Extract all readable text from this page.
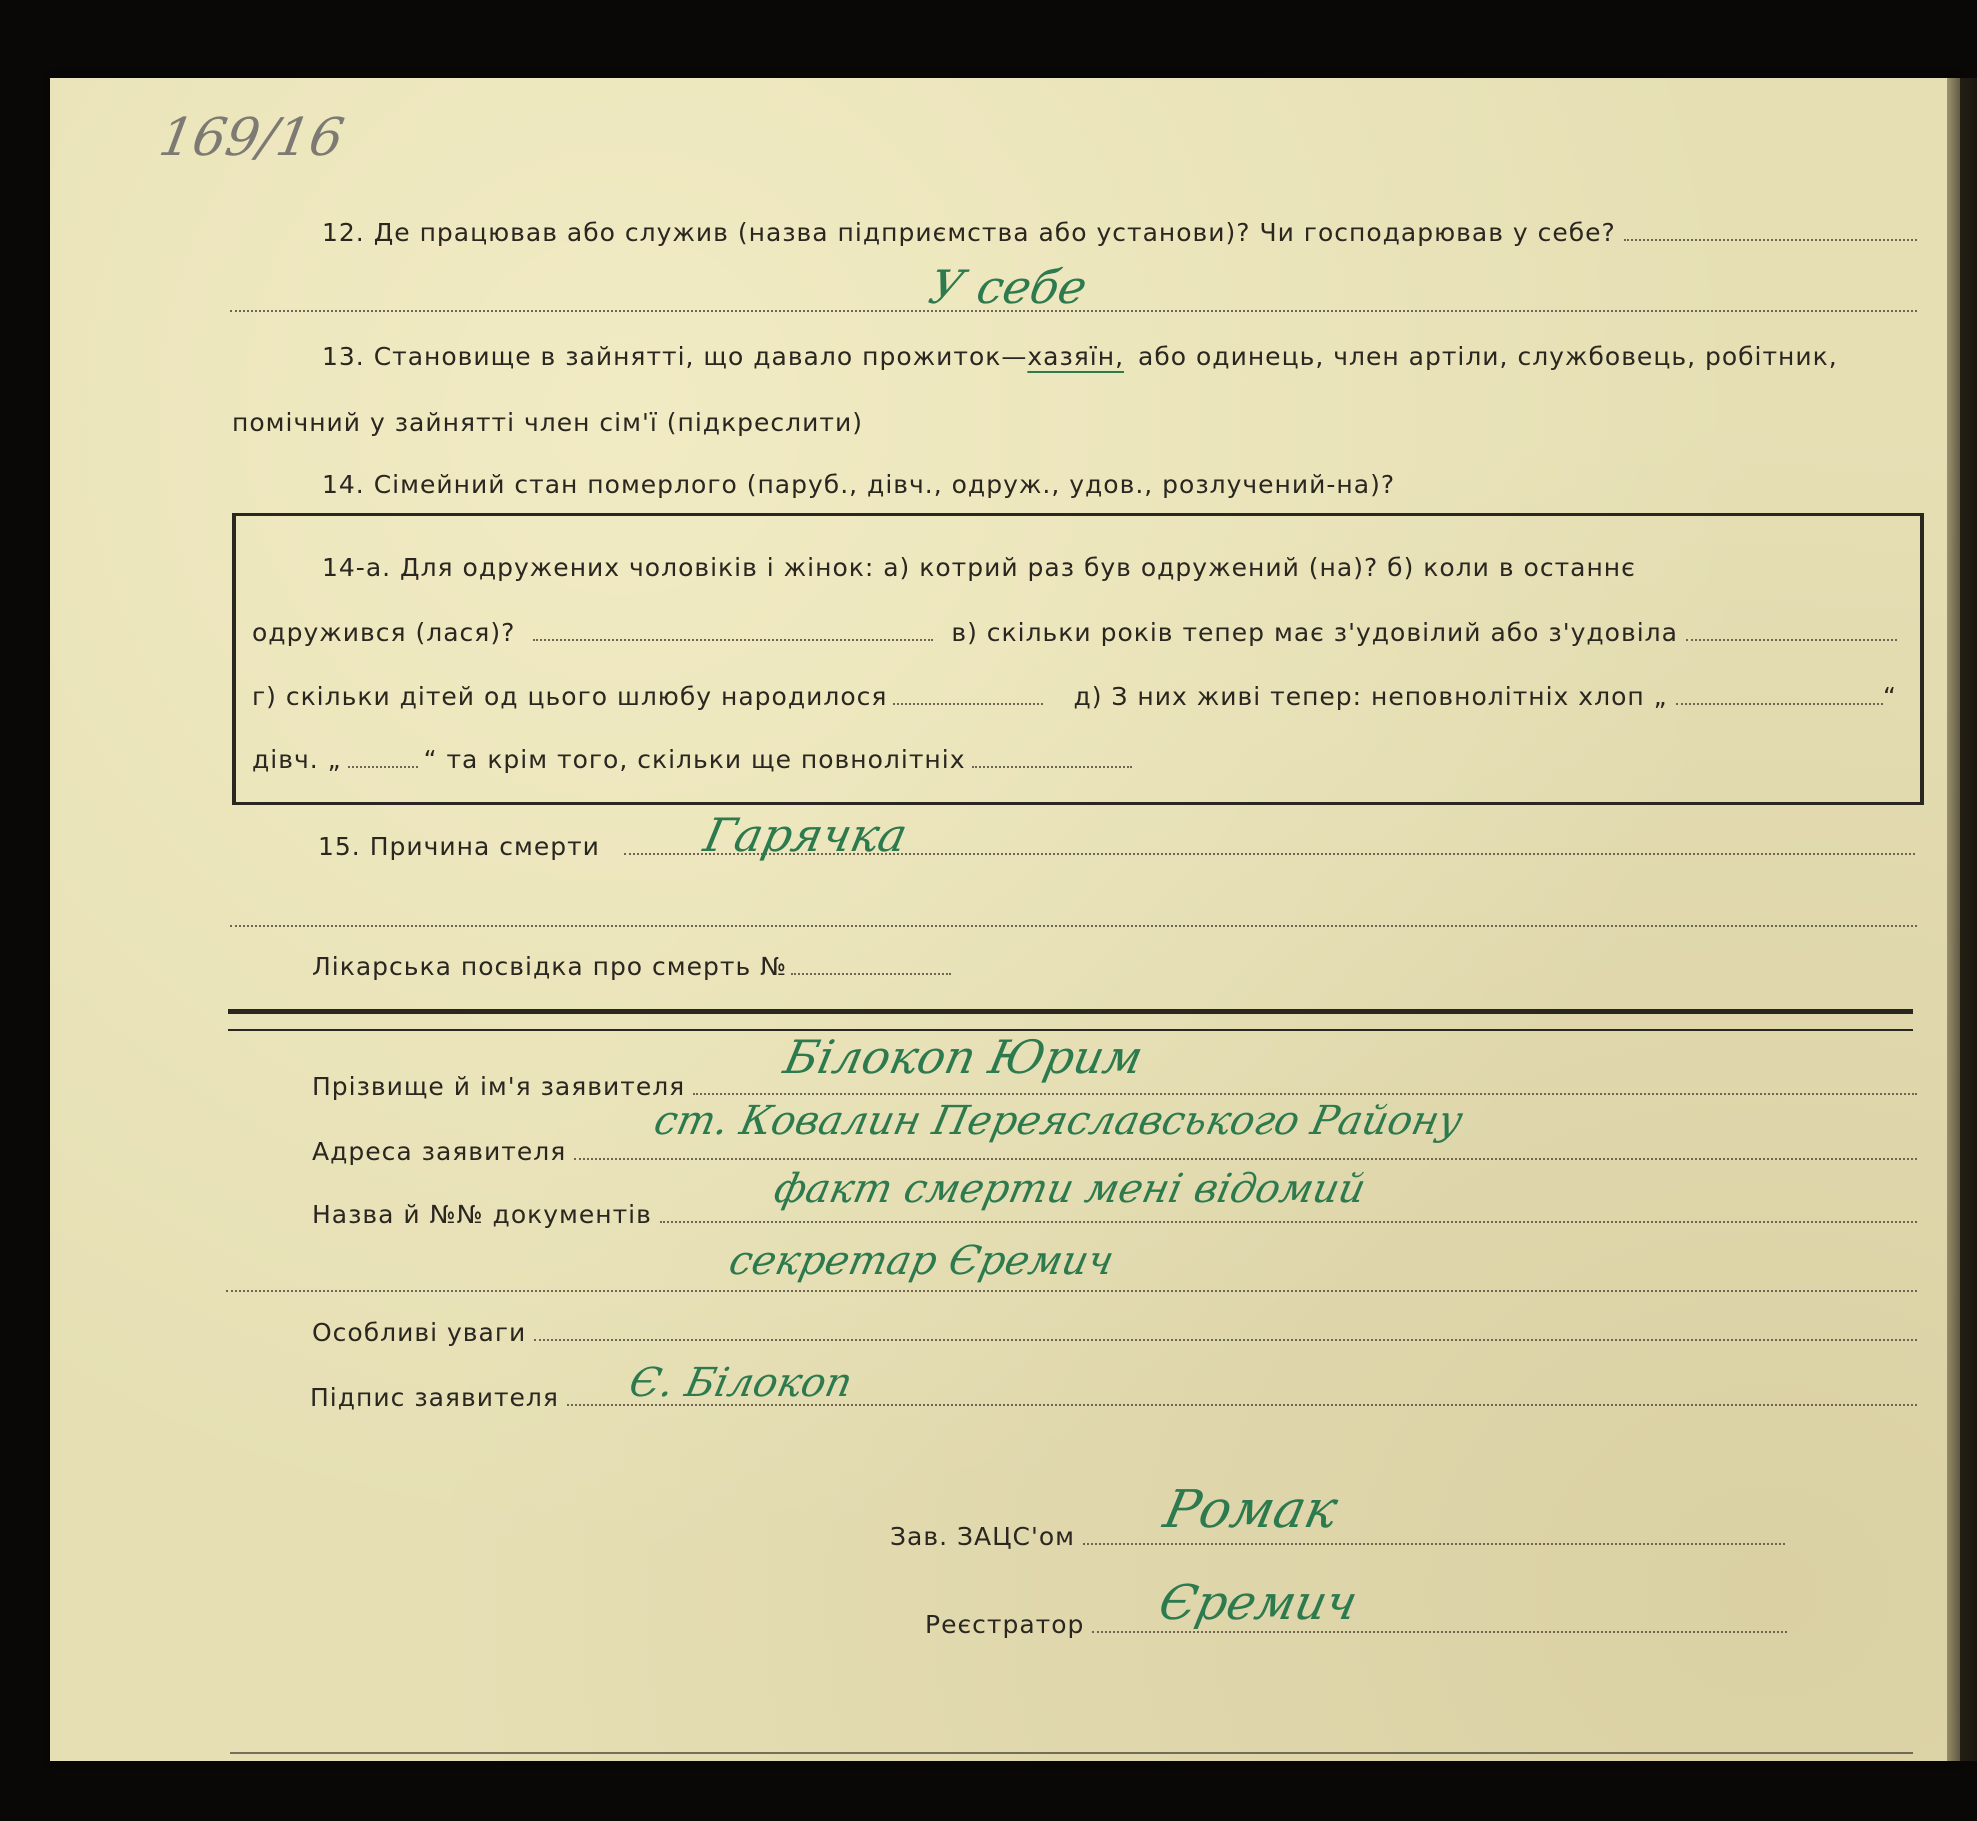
169/16
12. Де працював або служив (назва підприємства або установи)? Чи господарював у себе?
У себе
13. Становище в зайнятті, що давало прожиток— хазяїн, або одинець, член артіли, службовець, робітник,
помічний у зайнятті член сім'ї (підкреслити)
14. Сімейний стан померлого (паруб., дівч., одруж., удов., розлучений-на)?
14-а. Для одружених чоловіків і жінок: а) котрий раз був одружений (на)? б) коли в останнє
одружився (лася)?	в) скільки років тепер має з'удовілий або з'удовіла
г) скільки дітей од цього шлюбу народилося	д) З них живі тепер: неповнолітніх хлоп „	“
дівч. „	“ та крім того, скільки ще повнолітніх
15. Причина смерти Гарячка
Лікарська посвідка про смерть №
Прізвище й ім'я заявителя
Білокоп Юрим
Адреса заявителя
ст. Ковалин Переяславського Району
Назва й №№ документів
факт смерти мені відомий
секретар Єремич
Особливі уваги
Підпис заявителя Є. Білокоп
Зав. ЗАЦС'ом Ромак
Реєстратор Єремич
